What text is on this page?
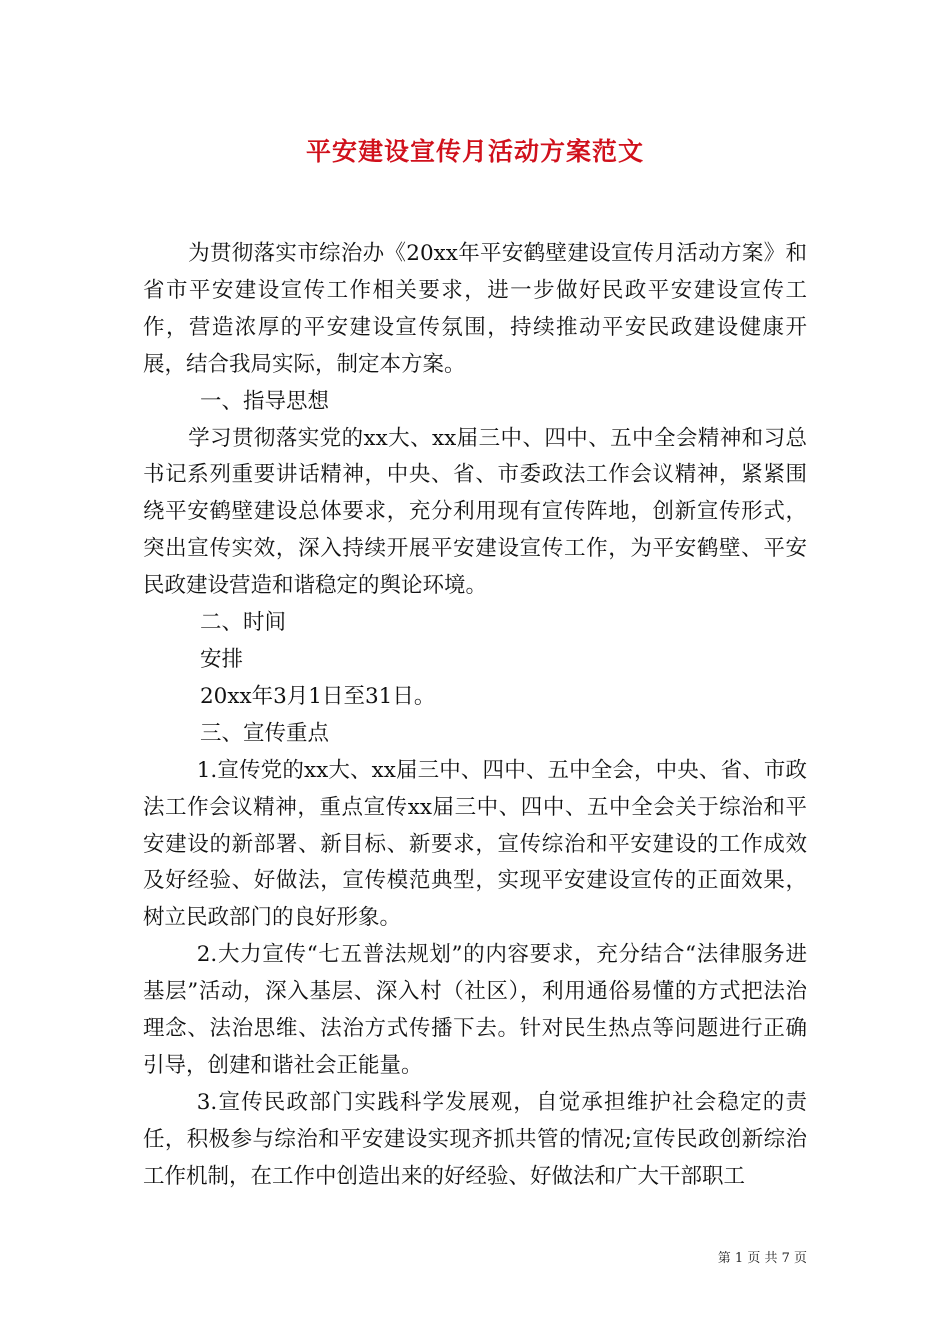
平安建设宣传月活动方案范文

为贯彻落实市综治办《20xx年平安鹤壁建设宣传月活动方案》和省市平安建设宣传工作相关要求，进一步做好民政平安建设宣传工作，营造浓厚的平安建设宣传氛围，持续推动平安民政建设健康开展，结合我局实际，制定本方案。

一、指导思想

学习贯彻落实党的xx大、xx届三中、四中、五中全会精神和习总书记系列重要讲话精神，中央、省、市委政法工作会议精神，紧紧围绕平安鹤壁建设总体要求，充分利用现有宣传阵地，创新宣传形式，突出宣传实效，深入持续开展平安建设宣传工作，为平安鹤壁、平安民政建设营造和谐稳定的舆论环境。

二、时间

安排

20xx年3月1日至31日。

三、宣传重点

1.宣传党的xx大、xx届三中、四中、五中全会，中央、省、市政法工作会议精神，重点宣传xx届三中、四中、五中全会关于综治和平安建设的新部署、新目标、新要求，宣传综治和平安建设的工作成效及好经验、好做法，宣传模范典型，实现平安建设宣传的正面效果，树立民政部门的良好形象。

2.大力宣传“七五普法规划”的内容要求，充分结合“法律服务进基层”活动，深入基层、深入村（社区），利用通俗易懂的方式把法治理念、法治思维、法治方式传播下去。针对民生热点等问题进行正确引导，创建和谐社会正能量。

3.宣传民政部门实践科学发展观，自觉承担维护社会稳定的责任，积极参与综治和平安建设实现齐抓共管的情况;宣传民政创新综治工作机制，在工作中创造出来的好经验、好做法和广大干部职工

第 1 页 共 7 页
